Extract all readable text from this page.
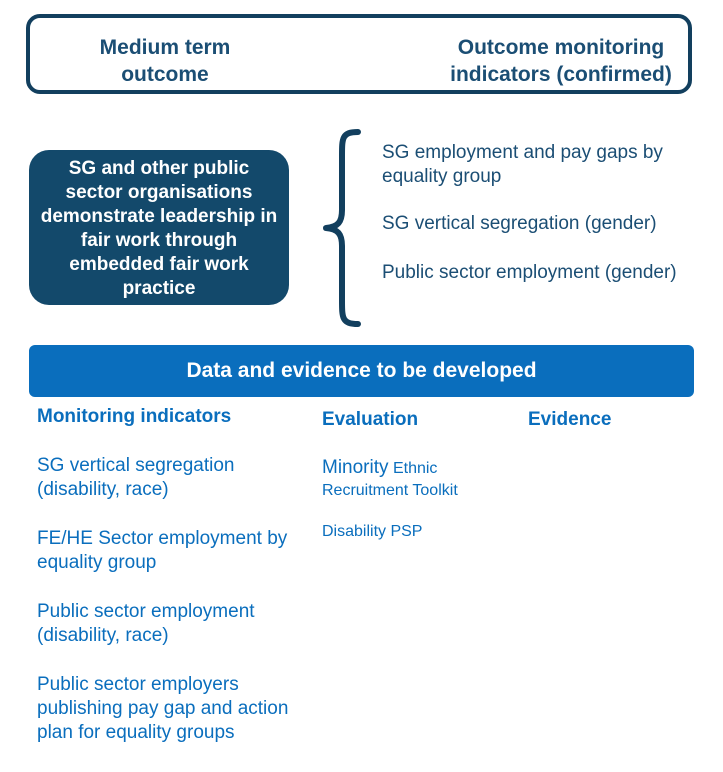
Medium term outcome
Outcome monitoring indicators (confirmed)
SG and other public sector organisations demonstrate leadership in fair work through embedded fair work practice
SG employment and pay gaps by equality group
SG vertical segregation (gender)
Public sector employment (gender)
Data and evidence to be developed
Monitoring indicators	Evaluation	Evidence
SG vertical segregation (disability, race)
FE/HE Sector employment by equality group
Public sector employment (disability, race)
Public sector employers publishing pay gap and action plan for equality groups
Minority Ethnic Recruitment Toolkit
Disability PSP
